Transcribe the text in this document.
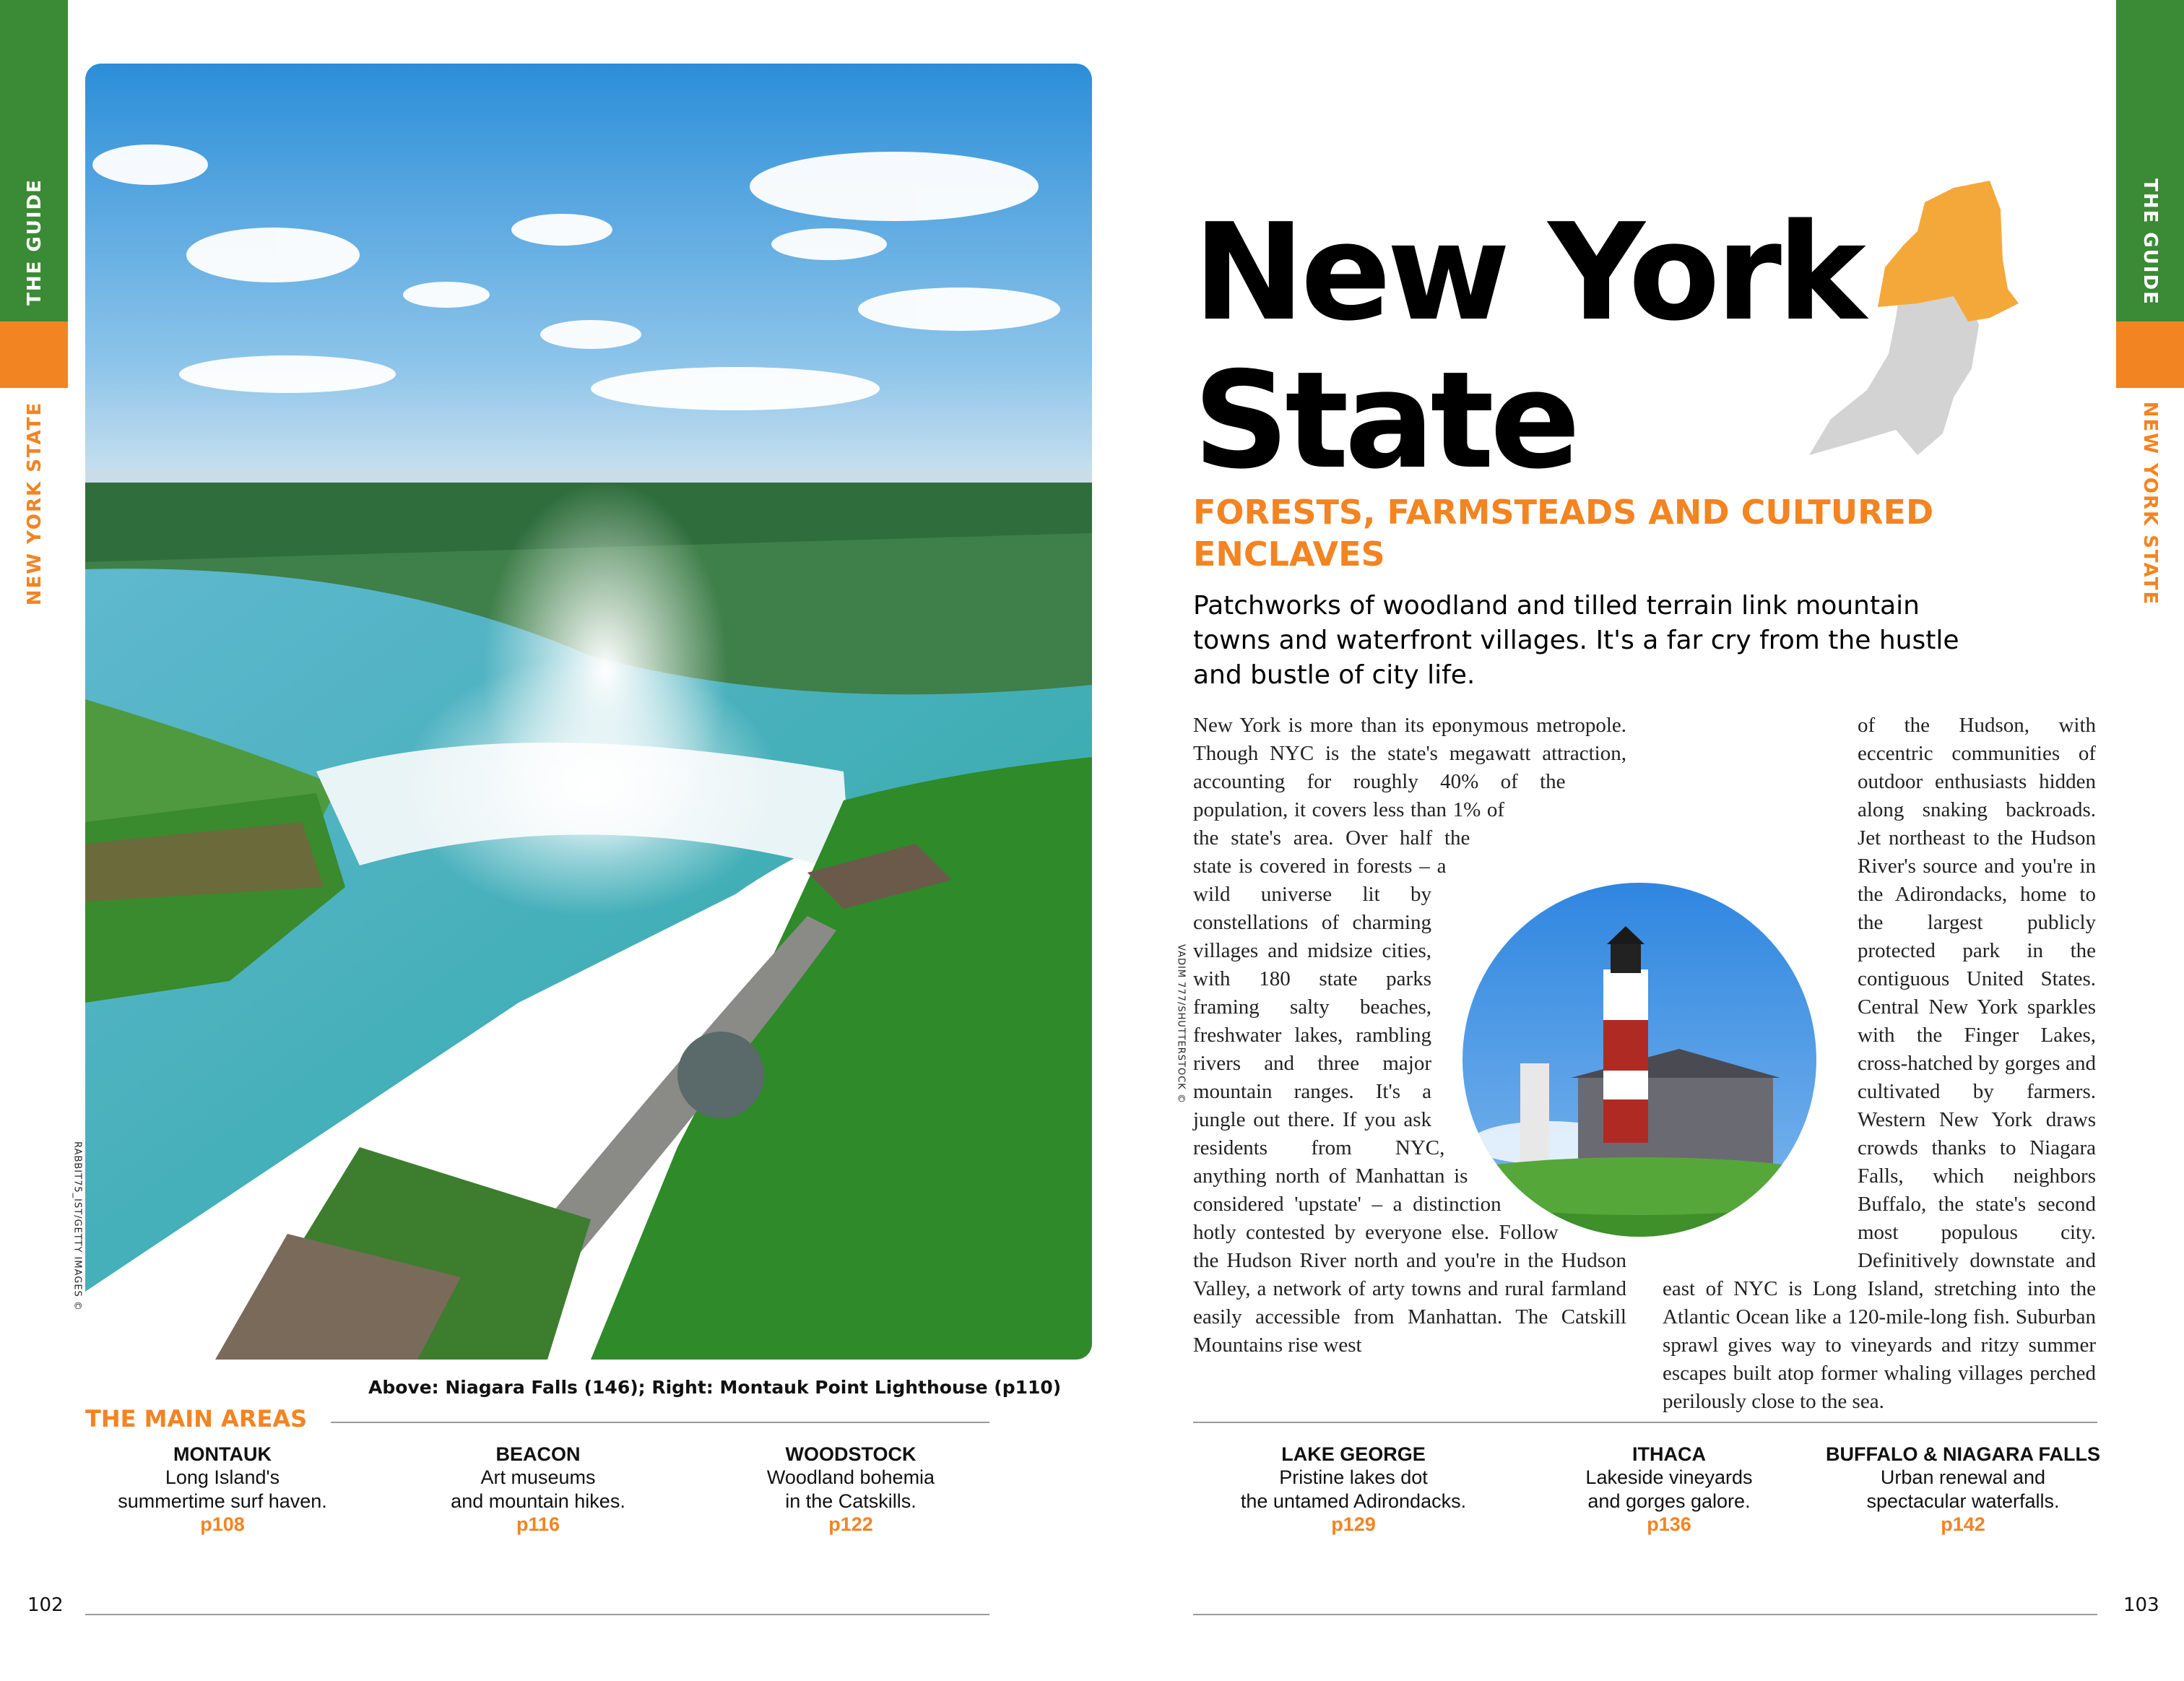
THE GUIDE
NEW YORK STATE
THE GUIDE
NEW YORK STATE
RABBIT75_IST/GETTY IMAGES ©
Above: Niagara Falls (146); Right: Montauk Point Lighthouse (p110)
THE MAIN AREAS
MONTAUK
Long Island's
summertime surf haven.
p108
BEACON
Art museums
and mountain hikes.
p116
WOODSTOCK
Woodland bohemia
in the Catskills.
p122
102
New York
State
FORESTS, FARMSTEADS AND CULTURED ENCLAVES
Patchworks of woodland and tilled terrain link mountain towns and waterfront villages. It's a far cry from the hustle and bustle of city life.
New York is more than its eponymous metropole. Though NYC is the state's megawatt attraction, accounting for roughly 40% of the population, it covers less than 1% of the state's area. Over half the state is covered in forests – a wild universe lit by constellations of charming villages and midsize cities, with 180 state parks framing salty beaches, freshwater lakes, rambling rivers and three major mountain ranges. It's a jungle out there. If you ask residents from NYC, anything north of Manhattan is considered 'upstate' – a distinction hotly contested by everyone else. Follow the Hudson River north and you're in the Hudson Valley, a network of arty towns and rural farmland easily accessible from Manhattan. The Catskill Mountains rise west
of the Hudson, with eccentric communities of outdoor enthusiasts hidden along snaking backroads. Jet northeast to the Hudson River's source and you're in the Adirondacks, home to the largest publicly protected park in the contiguous United States. Central New York sparkles with the Finger Lakes, cross-hatched by gorges and cultivated by farmers. Western New York draws crowds thanks to Niagara Falls, which neighbors Buffalo, the state's second most populous city. Definitively downstate and east of NYC is Long Island, stretching into the Atlantic Ocean like a 120-mile-long fish. Suburban sprawl gives way to vineyards and ritzy summer escapes built atop former whaling villages perched perilously close to the sea.
VADIM 777/SHUTTERSTOCK ©
LAKE GEORGE
Pristine lakes dot
the untamed Adirondacks.
p129
ITHACA
Lakeside vineyards
and gorges galore.
p136
BUFFALO & NIAGARA FALLS
Urban renewal and
spectacular waterfalls.
p142
103
